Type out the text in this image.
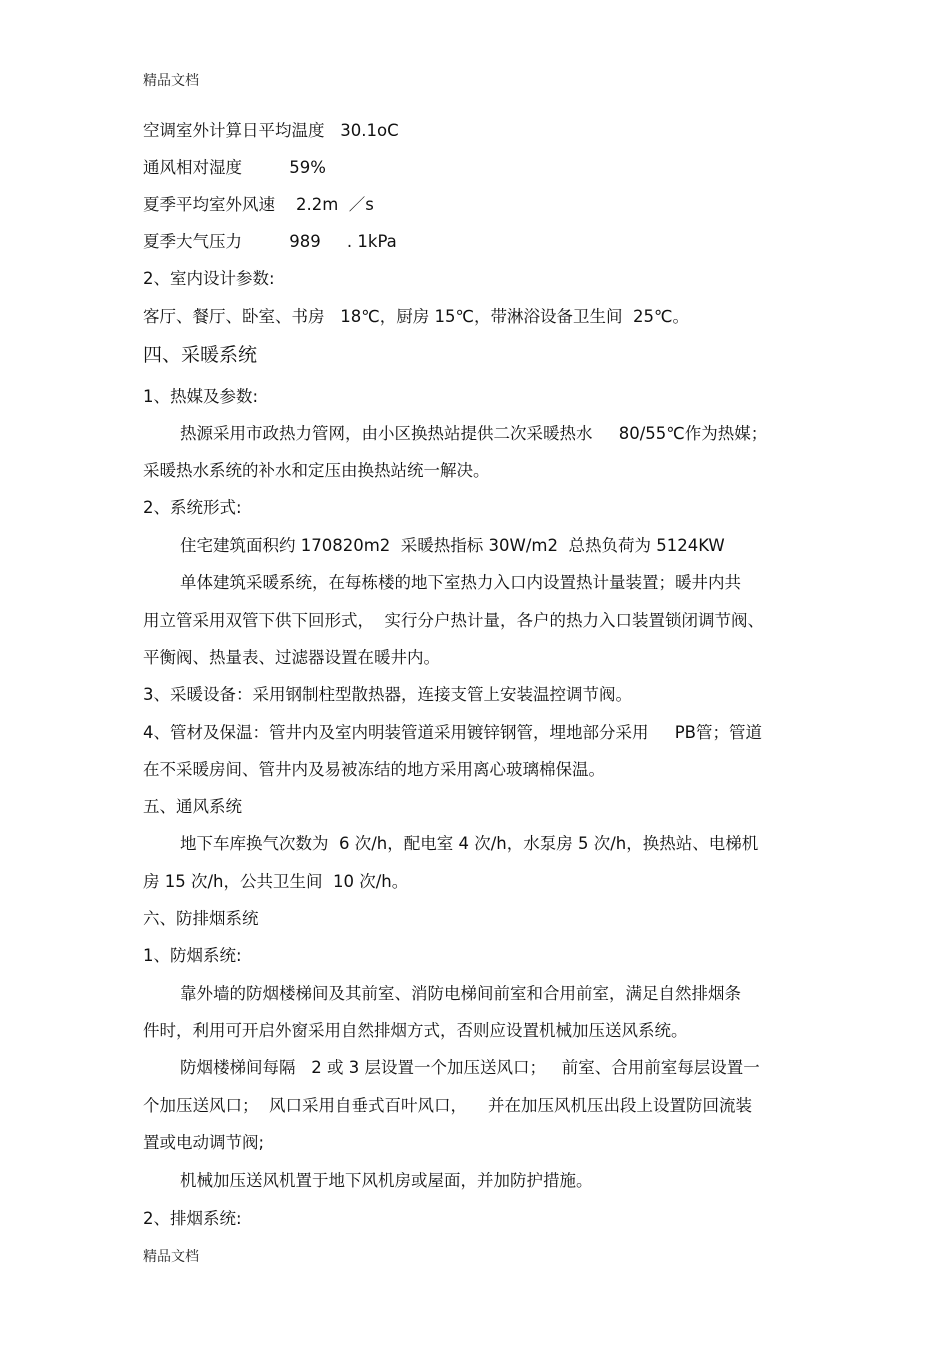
精品文档
空调室外计算日平均温度   30.1oC
通风相对湿度         59%
夏季平均室外风速    2.2m  ／s
夏季大气压力         989     . 1kPa
2、室内设计参数:
客厅、餐厅、卧室、书房   18℃，厨房 15℃，带淋浴设备卫生间  25℃。
四、采暖系统
1、热媒及参数:
热源采用市政热力管网，由小区换热站提供二次采暖热水     80/55℃作为热媒；
采暖热水系统的补水和定压由换热站统一解决。
2、系统形式:
住宅建筑面积约 170820m2  采暖热指标 30W/m2  总热负荷为 5124KW
单体建筑采暖系统，在每栋楼的地下室热力入口内设置热计量装置；暖井内共
用立管采用双管下供下回形式，  实行分户热计量，各户的热力入口装置锁闭调节阀、
平衡阀、热量表、过滤器设置在暖井内。
3、采暖设备：采用钢制柱型散热器，连接支管上安装温控调节阀。
4、管材及保温：管井内及室内明装管道采用镀锌钢管，埋地部分采用     PB管；管道
在不采暖房间、管井内及易被冻结的地方采用离心玻璃棉保温。
五、通风系统
地下车库换气次数为  6 次/h，配电室 4 次/h，水泵房 5 次/h，换热站、电梯机
房 15 次/h，公共卫生间  10 次/h。
六、防排烟系统
1、防烟系统:
靠外墙的防烟楼梯间及其前室、消防电梯间前室和合用前室，满足自然排烟条
件时，利用可开启外窗采用自然排烟方式，否则应设置机械加压送风系统。
防烟楼梯间每隔   2 或 3 层设置一个加压送风口；   前室、合用前室每层设置一
个加压送风口；  风口采用自垂式百叶风口，    并在加压风机压出段上设置防回流装
置或电动调节阀;
机械加压送风机置于地下风机房或屋面，并加防护措施。
2、排烟系统:
精品文档
